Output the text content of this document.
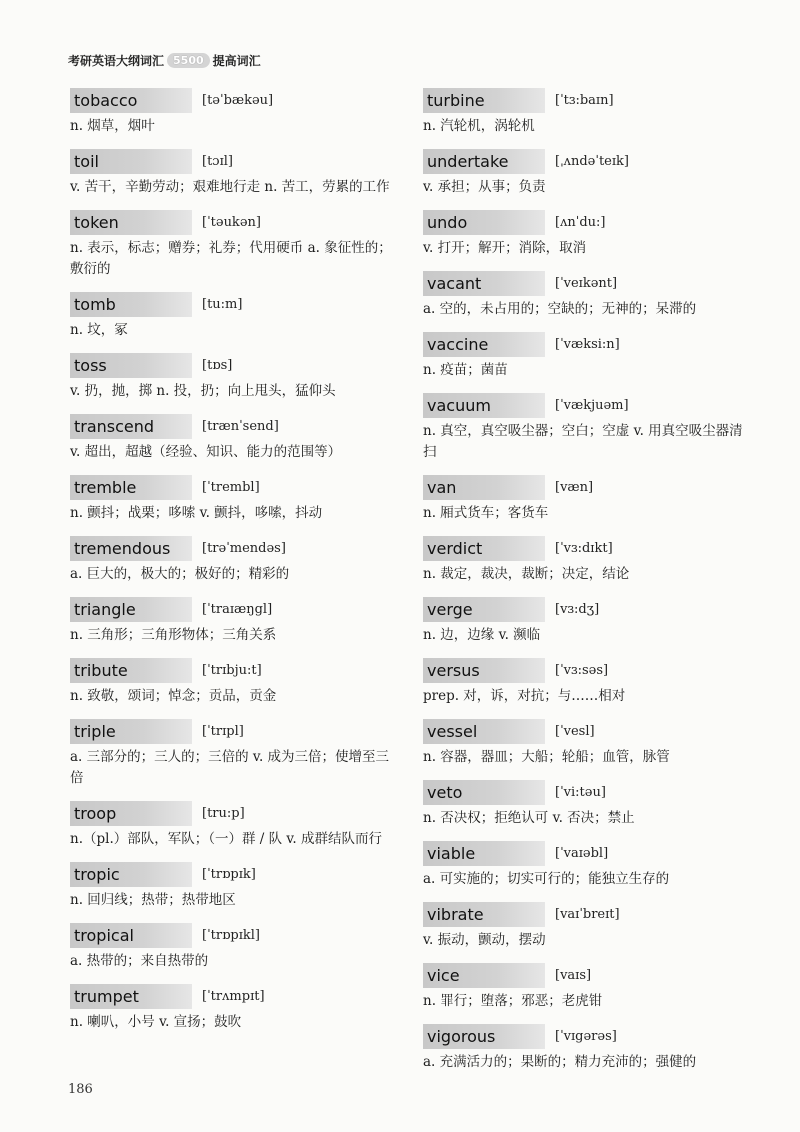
考研英语大纲词汇 5500 提高词汇
tobacco	[təˈbækəu]
n. 烟草，烟叶
toil	[tɔɪl]
v. 苦干，辛勤劳动；艰难地行走 n. 苦工，劳累的工作
token	[ˈtəukən]
n. 表示，标志；赠券；礼券；代用硬币 a. 象征性的；敷衍的
tomb	[tu:m]
n. 坟，冢
toss	[tɒs]
v. 扔，抛，掷 n. 投，扔；向上甩头，猛仰头
transcend	[trænˈsend]
v. 超出，超越（经验、知识、能力的范围等）
tremble	[ˈtrembl]
n. 颤抖；战栗；哆嗦 v. 颤抖，哆嗦，抖动
tremendous	[trəˈmendəs]
a. 巨大的，极大的；极好的；精彩的
triangle	[ˈtraɪæŋgl]
n. 三角形；三角形物体；三角关系
tribute	[ˈtrɪbju:t]
n. 致敬，颂词；悼念；贡品，贡金
triple	[ˈtrɪpl]
a. 三部分的；三人的；三倍的 v. 成为三倍；使增至三倍
troop	[tru:p]
n.（pl.）部队，军队；（一）群 / 队 v. 成群结队而行
tropic	[ˈtrɒpɪk]
n. 回归线；热带；热带地区
tropical	[ˈtrɒpɪkl]
a. 热带的；来自热带的
trumpet	[ˈtrʌmpɪt]
n. 喇叭，小号 v. 宣扬；鼓吹
turbine	[ˈtɜ:baɪn]
n. 汽轮机，涡轮机
undertake	[ˌʌndəˈteɪk]
v. 承担；从事；负责
undo	[ʌnˈdu:]
v. 打开；解开；消除，取消
vacant	[ˈveɪkənt]
a. 空的，未占用的；空缺的；无神的；呆滞的
vaccine	[ˈvæksi:n]
n. 疫苗；菌苗
vacuum	[ˈvækjuəm]
n. 真空，真空吸尘器；空白；空虚 v. 用真空吸尘器清扫
van	[væn]
n. 厢式货车；客货车
verdict	[ˈvɜ:dɪkt]
n. 裁定，裁决，裁断；决定，结论
verge	[vɜ:dʒ]
n. 边，边缘 v. 濒临
versus	[ˈvɜ:səs]
prep. 对，诉，对抗；与……相对
vessel	[ˈvesl]
n. 容器，器皿；大船；轮船；血管，脉管
veto	[ˈvi:təu]
n. 否决权；拒绝认可 v. 否决；禁止
viable	[ˈvaɪəbl]
a. 可实施的；切实可行的；能独立生存的
vibrate	[vaɪˈbreɪt]
v. 振动，颤动，摆动
vice	[vaɪs]
n. 罪行；堕落；邪恶；老虎钳
vigorous	[ˈvɪgərəs]
a. 充满活力的；果断的；精力充沛的；强健的
186
